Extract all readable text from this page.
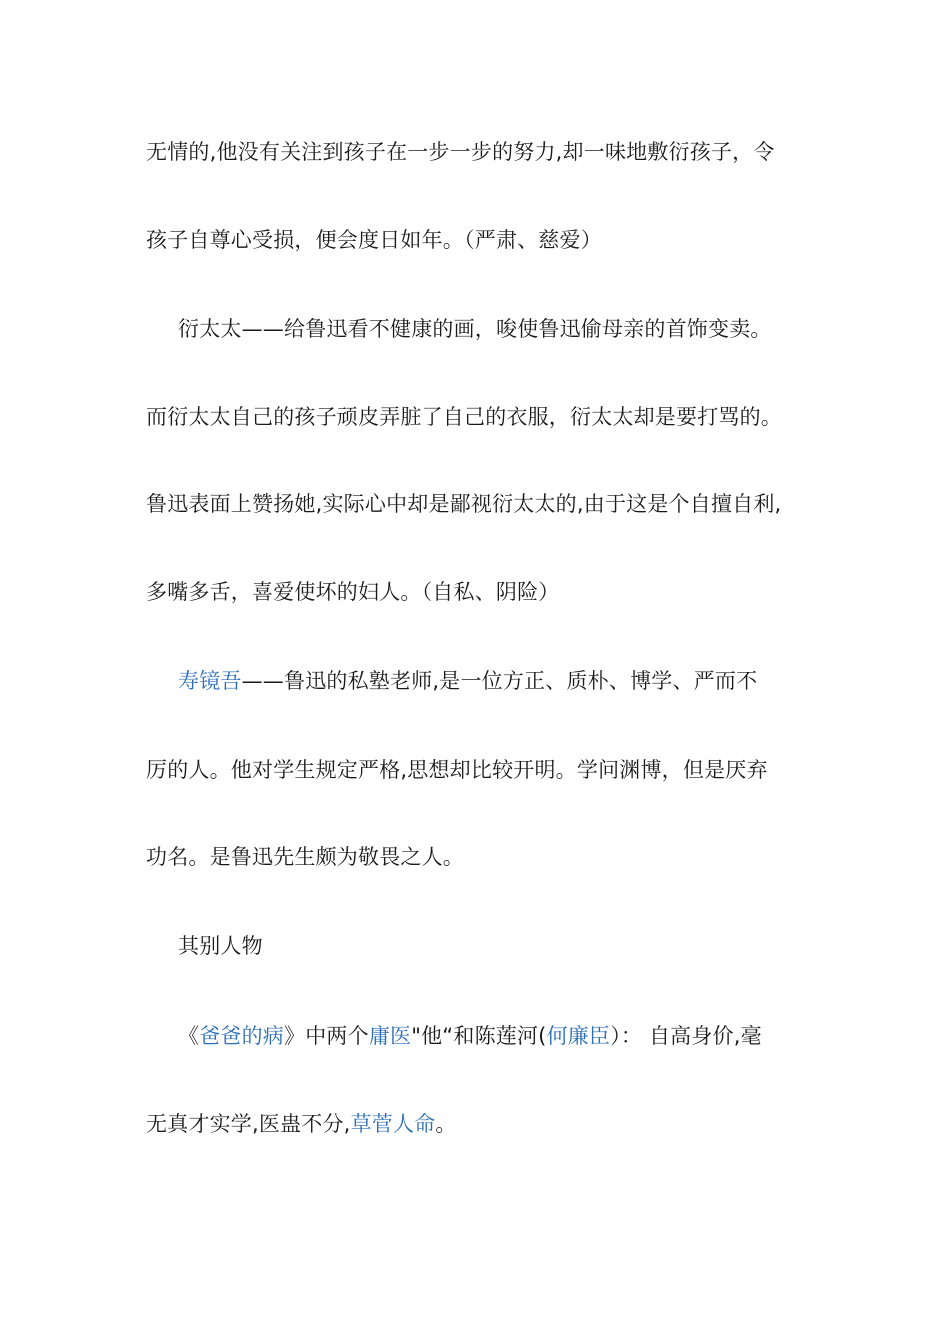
无情的,他没有关注到孩子在一步一步的努力,却一味地敷衍孩子，令
孩子自尊心受损，便会度日如年。（严肃、慈爱）
衍太太——给鲁迅看不健康的画，唆使鲁迅偷母亲的首饰变卖。
而衍太太自己的孩子顽皮弄脏了自己的衣服，衍太太却是要打骂的。
鲁迅表面上赞扬她,实际心中却是鄙视衍太太的,由于这是个自擅自利,
多嘴多舌，喜爱使坏的妇人。（自私、阴险）
寿镜吾——鲁迅的私塾老师,是一位方正、质朴、博学、严而不
厉的人。他对学生规定严格,思想却比较开明。学问渊博，但是厌弃
功名。是鲁迅先生颇为敬畏之人。
其别人物
《爸爸的病》中两个庸医"他“和陈莲河(何廉臣）： 自高身价,毫
无真才实学,医蛊不分,草菅人命。
